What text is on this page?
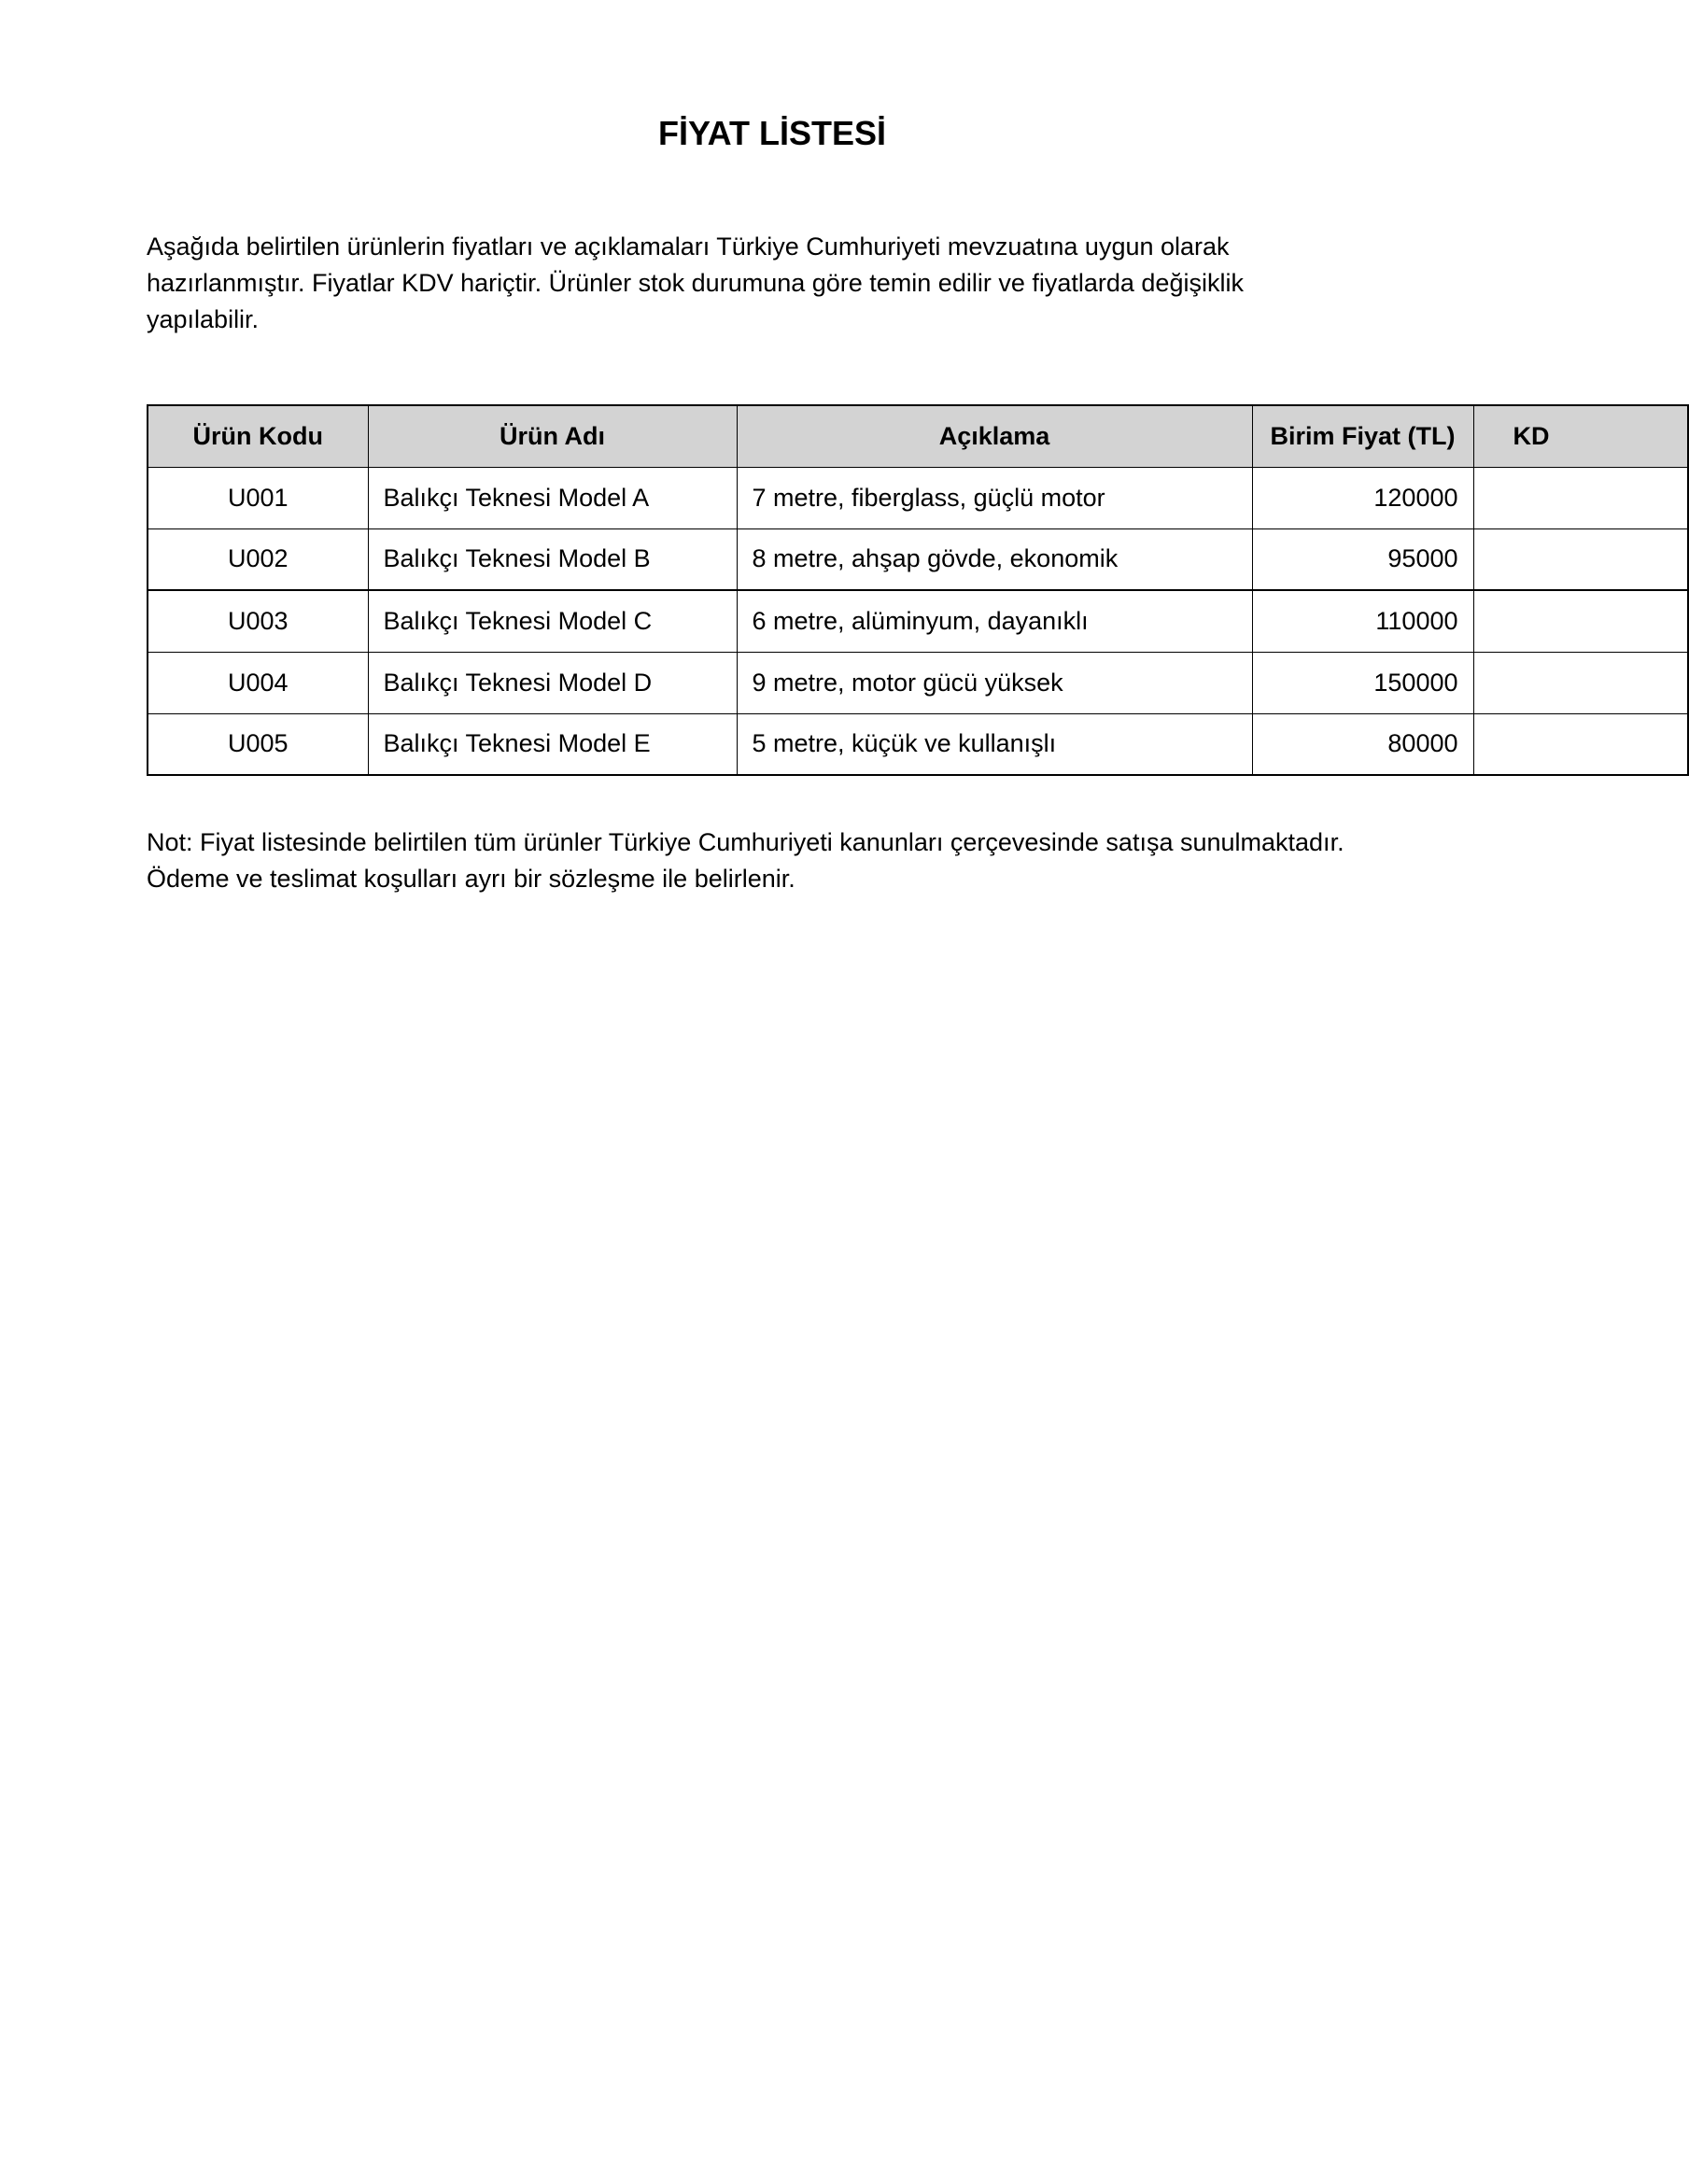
FİYAT LİSTESİ

Aşağıda belirtilen ürünlerin fiyatları ve açıklamaları Türkiye Cumhuriyeti mevzuatına uygun olarak hazırlanmıştır. Fiyatlar KDV hariçtir. Ürünler stok durumuna göre temin edilir ve fiyatlarda değişiklik yapılabilir.

Ürün Kodu	Ürün Adı	Açıklama	Birim Fiyat (TL)	KD
U001	Balıkçı Teknesi Model A	7 metre, fiberglass, güçlü motor	120000	
U002	Balıkçı Teknesi Model B	8 metre, ahşap gövde, ekonomik	95000	
U003	Balıkçı Teknesi Model C	6 metre, alüminyum, dayanıklı	110000	
U004	Balıkçı Teknesi Model D	9 metre, motor gücü yüksek	150000	
U005	Balıkçı Teknesi Model E	5 metre, küçük ve kullanışlı	80000	

Not: Fiyat listesinde belirtilen tüm ürünler Türkiye Cumhuriyeti kanunları çerçevesinde satışa sunulmaktadır. Ödeme ve teslimat koşulları ayrı bir sözleşme ile belirlenir.
